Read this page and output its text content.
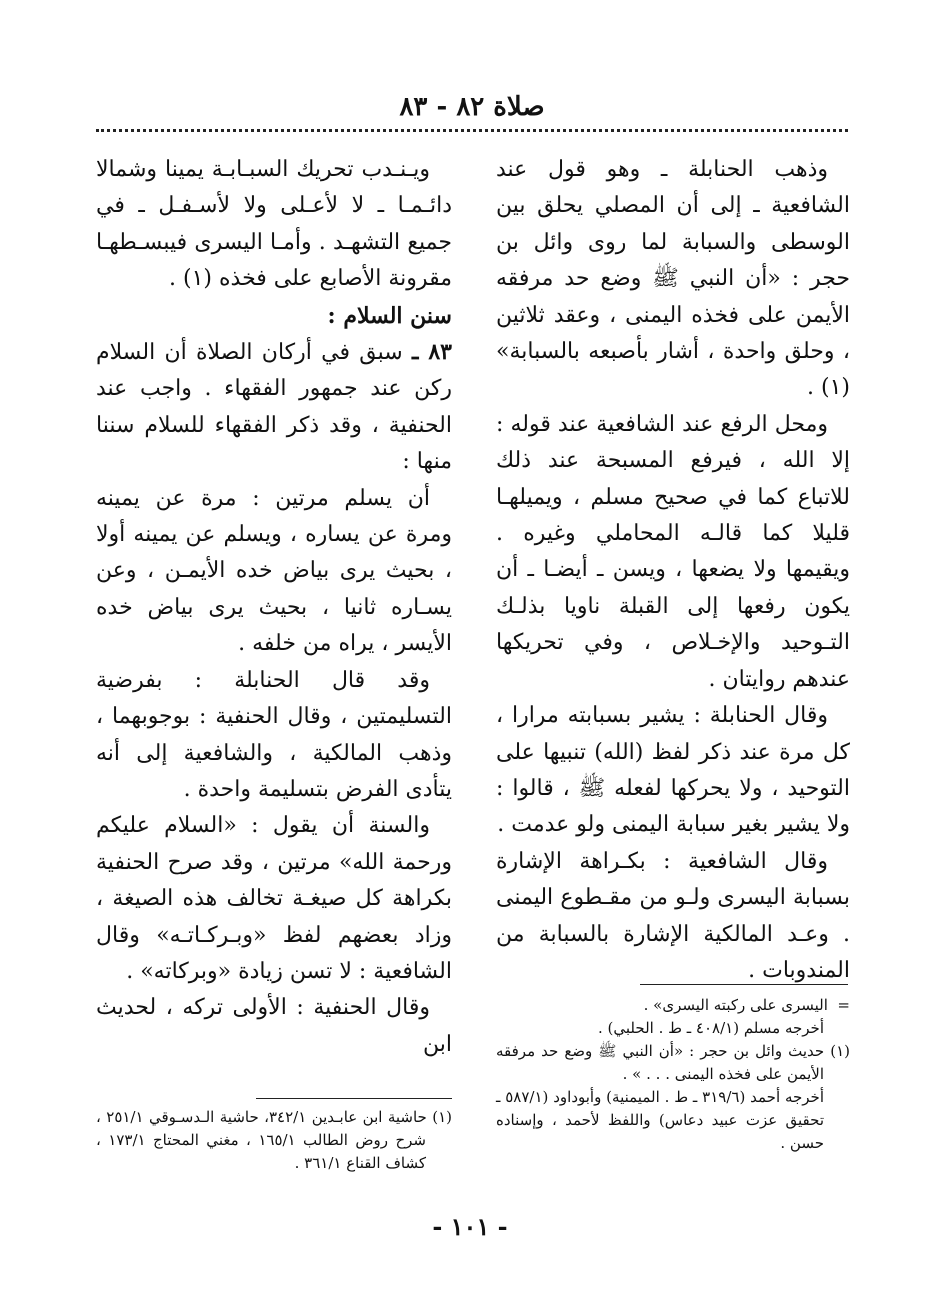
صلاة ٨٢ - ٨٣

وذهب الحنابلة ـ وهو قول عند الشافعية ـ إلى أن المصلي يحلق بين الوسطى والسبابة لما روى وائل بن حجر : «أن النبي ﷺ وضع حد مرفقه الأيمن على فخذه اليمنى ، وعقد ثلاثين ، وحلق واحدة ، أشار بأصبعه بالسبابة» (١) .

ومحل الرفع عند الشافعية عند قوله : إلا الله ، فيرفع المسبحة عند ذلك للاتباع كما في صحيح مسلم ، ويميلهـا قليلا كما قالـه المحاملي وغيره . ويقيمها ولا يضعها ، ويسن ـ أيضـا ـ أن يكون رفعها إلى القبلة ناويا بذلـك التـوحيد والإخـلاص ، وفي تحريكها عندهم روايتان .

وقال الحنابلة : يشير بسبابته مرارا ، كل مرة عند ذكر لفظ (الله) تنبيها على التوحيد ، ولا يحركها لفعله ﷺ ، قالوا : ولا يشير بغير سبابة اليمنى ولو عدمت .

وقال الشافعية : بكـراهة الإشارة بسبابة اليسرى ولـو من مقـطوع اليمنى . وعـد المالكية الإشارة بالسبابة من المندوبات .

ويـنـدب تحريك السبـابـة يمينا وشمالا دائـمـا ـ لا لأعـلى ولا لأسـفـل ـ في جميع التشهـد . وأمـا اليسرى فيبسـطهـا مقرونة الأصابع على فخذه (١) .

سنن السلام :

٨٣ ـ سبق في أركان الصلاة أن السلام ركن عند جمهور الفقهاء . واجب عند الحنفية ، وقد ذكر الفقهاء للسلام سننا منها :

أن يسلم مرتين : مرة عن يمينه ومرة عن يساره ، ويسلم عن يمينه أولا ، بحيث يرى بياض خده الأيمـن ، وعن يسـاره ثانيا ، بحيث يرى بياض خده الأيسر ، يراه من خلفه .

وقد قال الحنابلة : بفرضية التسليمتين ، وقال الحنفية : بوجوبهما ، وذهب المالكية ، والشافعية إلى أنه يتأدى الفرض بتسليمة واحدة .

والسنة أن يقول : «السلام عليكم ورحمة الله» مرتين ، وقد صرح الحنفية بكراهة كل صيغـة تخالف هذه الصيغة ، وزاد بعضهم لفظ «وبـركـاتـه» وقال الشافعية : لا تسن زيادة «وبركاته» .

وقال الحنفية : الأولى تركه ، لحديث ابن

=  اليسرى على ركبته اليسرى» .

أخرجه مسلم (٤٠٨/١ ـ ط . الحلبي) .

(١) حديث وائل بن حجر : «أن النبي ﷺ وضع حد مرفقه الأيمن على فخذه اليمنى . . . » .

أخرجه أحمد (٣١٩/٦ ـ ط . الميمنية) وأبوداود (٥٨٧/١ ـ تحقيق عزت عبيد دعاس) واللفظ لأحمد ، وإسناده حسن .

(١) حاشية ابن عابـدين ٣٤٢/١، حاشية الـدسـوقي ٢٥١/١ ، شرح روض الطالب ١٦٥/١ ، مغني المحتاج ١٧٣/١ ، كشاف القناع ٣٦١/١ .

- ١٠١ -
